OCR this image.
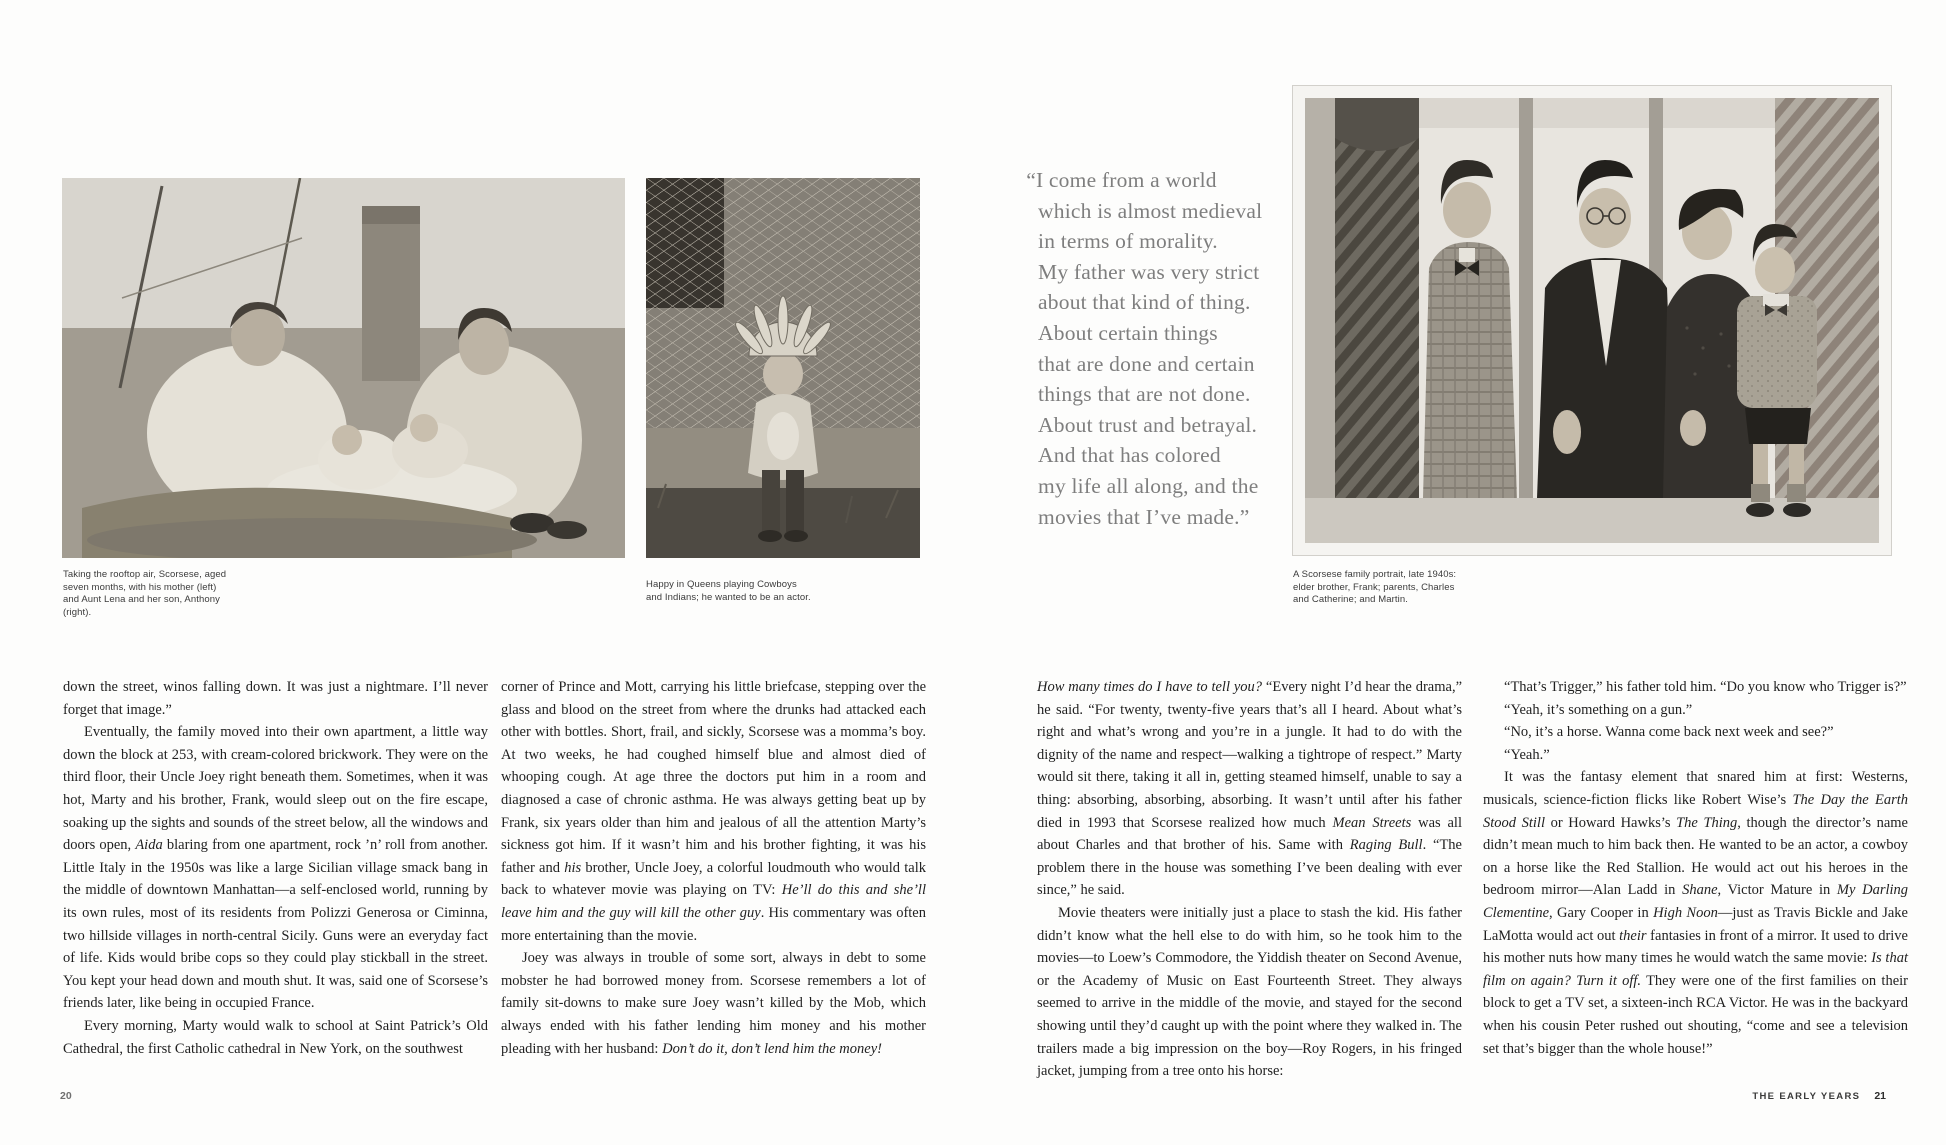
Taking the rooftop air, Scorsese, aged seven months, with his mother (left) and Aunt Lena and her son, Anthony (right).
Happy in Queens playing Cowboys and Indians; he wanted to be an actor.

down the street, winos falling down. It was just a nightmare. I’ll never forget that image.”

Eventually, the family moved into their own apartment, a little way down the block at 253, with cream-colored brickwork. They were on the third floor, their Uncle Joey right beneath them. Sometimes, when it was hot, Marty and his brother, Frank, would sleep out on the fire escape, soaking up the sights and sounds of the street below, all the windows and doors open, Aida blaring from one apartment, rock ’n’ roll from another. Little Italy in the 1950s was like a large Sicilian village smack bang in the middle of downtown Manhattan—a self-enclosed world, running by its own rules, most of its residents from Polizzi Generosa or Ciminna, two hillside villages in north-central Sicily. Guns were an everyday fact of life. Kids would bribe cops so they could play stickball in the street. You kept your head down and mouth shut. It was, said one of Scorsese’s friends later, like being in occupied France.

Every morning, Marty would walk to school at Saint Patrick’s Old Cathedral, the first Catholic cathedral in New York, on the southwest

corner of Prince and Mott, carrying his little briefcase, stepping over the glass and blood on the street from where the drunks had attacked each other with bottles. Short, frail, and sickly, Scorsese was a momma’s boy. At two weeks, he had coughed himself blue and almost died of whooping cough. At age three the doctors put him in a room and diagnosed a case of chronic asthma. He was always getting beat up by Frank, six years older than him and jealous of all the attention Marty’s sickness got him. If it wasn’t him and his brother fighting, it was his father and his brother, Uncle Joey, a colorful loudmouth who would talk back to whatever movie was playing on TV: He’ll do this and she’ll leave him and the guy will kill the other guy. His commentary was often more entertaining than the movie.

Joey was always in trouble of some sort, always in debt to some mobster he had borrowed money from. Scorsese remembers a lot of family sit-downs to make sure Joey wasn’t killed by the Mob, which always ended with his father lending him money and his mother pleading with her husband: Don’t do it, don’t lend him the money!

20
“I come from a world
which is almost medieval
in terms of morality.
My father was very strict
about that kind of thing.
About certain things
that are done and certain
things that are not done.
About trust and betrayal.
And that has colored
my life all along, and the
movies that I’ve made.”
A Scorsese family portrait, late 1940s: elder brother, Frank; parents, Charles and Catherine; and Martin.

How many times do I have to tell you? “Every night I’d hear the drama,” he said. “For twenty, twenty-five years that’s all I heard. About what’s right and what’s wrong and you’re in a jungle. It had to do with the dignity of the name and respect—walking a tightrope of respect.” Marty would sit there, taking it all in, getting steamed himself, unable to say a thing: absorbing, absorbing, absorbing. It wasn’t until after his father died in 1993 that Scorsese realized how much Mean Streets was all about Charles and that brother of his. Same with Raging Bull. “The problem there in the house was something I’ve been dealing with ever since,” he said.

Movie theaters were initially just a place to stash the kid. His father didn’t know what the hell else to do with him, so he took him to the movies—to Loew’s Commodore, the Yiddish theater on Second Avenue, or the Academy of Music on East Fourteenth Street. They always seemed to arrive in the middle of the movie, and stayed for the second showing until they’d caught up with the point where they walked in. The trailers made a big impression on the boy—Roy Rogers, in his fringed jacket, jumping from a tree onto his horse:

“That’s Trigger,” his father told him. “Do you know who Trigger is?”

“Yeah, it’s something on a gun.”

“No, it’s a horse. Wanna come back next week and see?”

“Yeah.”

It was the fantasy element that snared him at first: Westerns, musicals, science-fiction flicks like Robert Wise’s The Day the Earth Stood Still or Howard Hawks’s The Thing, though the director’s name didn’t mean much to him back then. He wanted to be an actor, a cowboy on a horse like the Red Stallion. He would act out his heroes in the bedroom mirror—Alan Ladd in Shane, Victor Mature in My Darling Clementine, Gary Cooper in High Noon—just as Travis Bickle and Jake LaMotta would act out their fantasies in front of a mirror. It used to drive his mother nuts how many times he would watch the same movie: Is that film on again? Turn it off. They were one of the first families on their block to get a TV set, a sixteen-inch RCA Victor. He was in the backyard when his cousin Peter rushed out shouting, “come and see a television set that’s bigger than the whole house!”

THE EARLY YEARS 21
